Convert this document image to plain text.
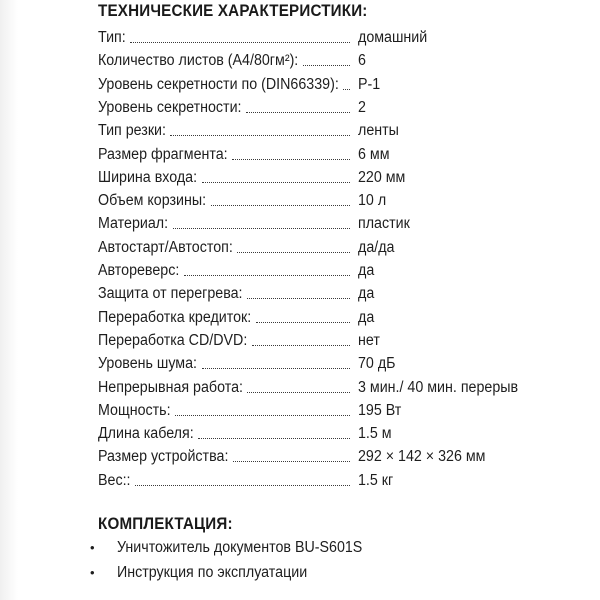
ТЕХНИЧЕСКИЕ ХАРАКТЕРИСТИКИ:
Тип:	домашний
Количество листов (А4/80гм²):	6
Уровень секретности по (DIN66339): Р-1
Уровень секретности:	2
Тип резки:	ленты
Размер фрагмента:	6 мм
Ширина входа:	220 мм
Объем корзины:	10 л
Материал:	пластик
Автостарт/Автостоп:	да/да
Автореверс:	да
Защита от перегрева:	да
Переработка кредиток:	да
Переработка CD/DVD:	нет
Уровень шума:	70 дБ
Непрерывная работа:	3 мин./ 40 мин. перерыв
Мощность:	195 Вт
Длина кабеля:	1.5 м
Размер устройства:	292 × 142 × 326 мм
Вес::	1.5 кг
КОМПЛЕКТАЦИЯ:
• Уничтожитель документов BU-S601S
• Инструкция по эксплуатации
